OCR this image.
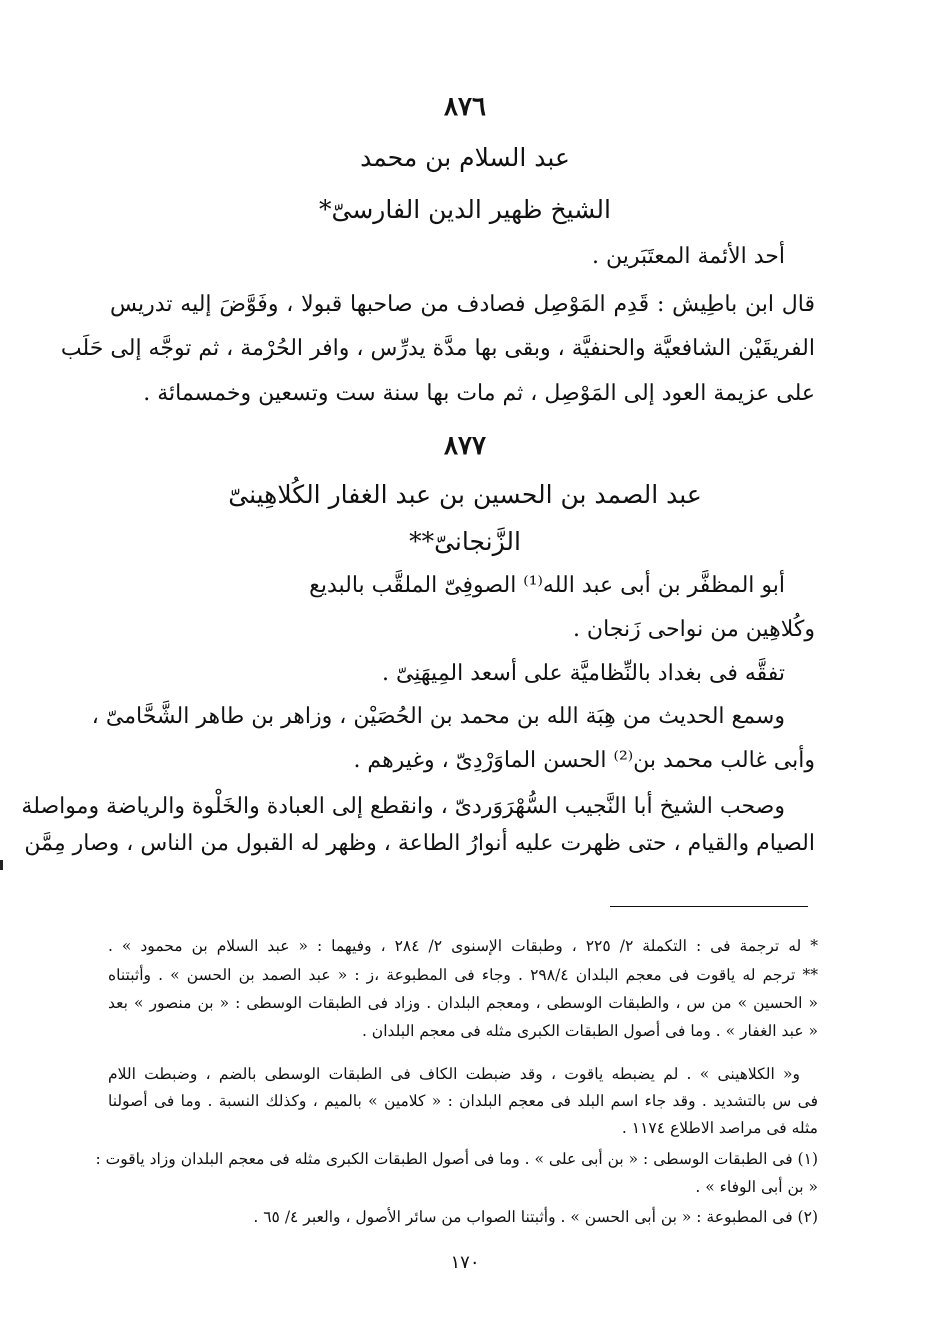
٨٧٦
عبد السلام بن محمد
الشيخ ظهير الدين الفارسىّ*
أحد الأئمة المعتَبَرين .
قال ابن باطِيش : قَدِم المَوْصِل فصادف من صاحبها قبولا ، وفَوَّضَ إليه تدريس
الفريقَيْن الشافعيَّة والحنفيَّة ، وبقى بها مدَّة يدرِّس ، وافر الحُرْمة ، ثم توجَّه إلى حَلَب
على عزيمة العود إلى المَوْصِل ، ثم مات بها سنة ست وتسعين وخمسمائة .
٨٧٧
عبد الصمد بن الحسين بن عبد الغفار الكُلاهِينىّ
الزَّنجانىّ**
أبو المظفَّر بن أبى عبد الله⁽¹⁾ الصوفِىّ الملقَّب بالبديع
وكُلاهِين من نواحى زَنجان .
تفقَّه فى بغداد بالنِّظاميَّة على أسعد المِيهَنِىّ .
وسمع الحديث من هِبَة الله بن محمد بن الحُصَيْن ، وزاهر بن طاهر الشَّحَّامىّ ،
وأبى غالب محمد بن⁽²⁾ الحسن الماوَرْدِىّ ، وغيرهم .
وصحب الشيخ أبا النَّجيب السُّهْرَوَردىّ ، وانقطع إلى العبادة والخَلْوة والرياضة ومواصلة
الصيام والقيام ، حتى ظهرت عليه أنوارُ الطاعة ، وظهر له القبول من الناس ، وصار مِمَّن
* له ترجمة فى : التكملة ٢/ ٢٢٥ ، وطبقات الإسنوى ٢/ ٢٨٤ ، وفيهما : « عبد السلام بن محمود » .
** ترجم له ياقوت فى معجم البلدان ٢٩٨/٤ . وجاء فى المطبوعة ،ز : « عبد الصمد بن الحسن » . وأثبتناه
« الحسين » من س ، والطبقات الوسطى ، ومعجم البلدان . وزاد فى الطبقات الوسطى : « بن منصور » بعد
« عبد الغفار » . وما فى أصول الطبقات الكبرى مثله فى معجم البلدان .
و« الكلاهينى » . لم يضبطه ياقوت ، وقد ضبطت الكاف فى الطبقات الوسطى بالضم ، وضبطت اللام
فى س بالتشديد . وقد جاء اسم البلد فى معجم البلدان : « كلامين » بالميم ، وكذلك النسبة . وما فى أصولنا
مثله فى مراصد الاطلاع ١١٧٤ .
(١) فى الطبقات الوسطى : « بن أبى على » . وما فى أصول الطبقات الكبرى مثله فى معجم البلدان وزاد ياقوت :
« بن أبى الوفاء » .
(٢) فى المطبوعة : « بن أبى الحسن » . وأثبتنا الصواب من سائر الأصول ، والعبر ٤/ ٦٥ .
١٧٠
